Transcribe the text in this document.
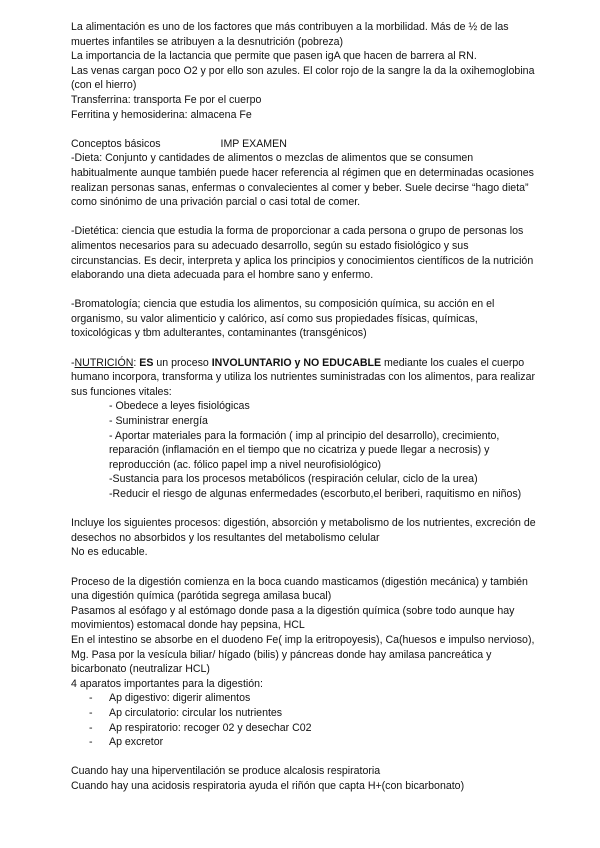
La alimentación es uno de los factores que más contribuyen a la morbilidad. Más de ½ de las muertes infantiles se atribuyen a la desnutrición (pobreza)

La importancia de la lactancia que permite que pasen igA que hacen de barrera al RN.

Las venas cargan poco O2 y por ello son azules. El color rojo de la sangre la da la oxihemoglobina (con el hierro)

Transferrina: transporta Fe por el cuerpo

Ferritina y hemosiderina: almacena Fe

Conceptos básicos	IMP EXAMEN

-Dieta: Conjunto y cantidades de alimentos o mezclas de alimentos que se consumen habitualmente aunque también puede hacer referencia al régimen que en determinadas ocasiones realizan personas sanas, enfermas o convalecientes al comer y beber. Suele decirse “hago dieta” como sinónimo de una privación parcial o casi total de comer.

-Dietética: ciencia que estudia la forma de proporcionar a cada persona o grupo de personas los alimentos necesarios para su adecuado desarrollo, según su estado fisiológico y sus circunstancias. Es decir, interpreta y aplica los principios y conocimientos científicos de la nutrición elaborando una dieta adecuada para el hombre sano y enfermo.

-Bromatología; ciencia que estudia los alimentos, su composición química, su acción en el organismo, su valor alimenticio y calórico, así como sus propiedades físicas, químicas, toxicológicas y tbm adulterantes, contaminantes (transgénicos)

-NUTRICIÓN: ES un proceso INVOLUNTARIO y NO EDUCABLE mediante los cuales el cuerpo humano incorpora, transforma y utiliza los nutrientes suministradas con los alimentos, para realizar sus funciones vitales:

- Obedece a leyes fisiológicas

- Suministrar energía

- Aportar materiales para la formación ( imp al principio del desarrollo), crecimiento, reparación (inflamación en el tiempo que no cicatriza y puede llegar a necrosis) y reproducción (ac. fólico papel imp a nivel neurofisiológico)

-Sustancia para los procesos metabólicos (respiración celular, ciclo de la urea)

-Reducir el riesgo de algunas enfermedades (escorbuto,el beriberi, raquitismo en niños)

Incluye los siguientes procesos: digestión, absorción y metabolismo de los nutrientes, excreción de desechos no absorbidos y los resultantes del metabolismo celular

No es educable.

Proceso de la digestión comienza en la boca cuando masticamos (digestión mecánica) y también una digestión química (parótida segrega amilasa bucal)

Pasamos al esófago y al estómago donde pasa a la digestión química (sobre todo aunque hay movimientos) estomacal donde hay pepsina, HCL

En el intestino se absorbe en el duodeno Fe( imp la eritropoyesis), Ca(huesos e impulso nervioso), Mg. Pasa por la vesícula biliar/ hígado (bilis) y páncreas donde hay amilasa pancreática y bicarbonato (neutralizar HCL)

4 aparatos importantes para la digestión:

- Ap digestivo: digerir alimentos
- Ap circulatorio: circular los nutrientes
- Ap respiratorio: recoger 02 y desechar C02
- Ap excretor

Cuando hay una hiperventilación se produce alcalosis respiratoria

Cuando hay una acidosis respiratoria ayuda el riñón que capta H+(con bicarbonato)
